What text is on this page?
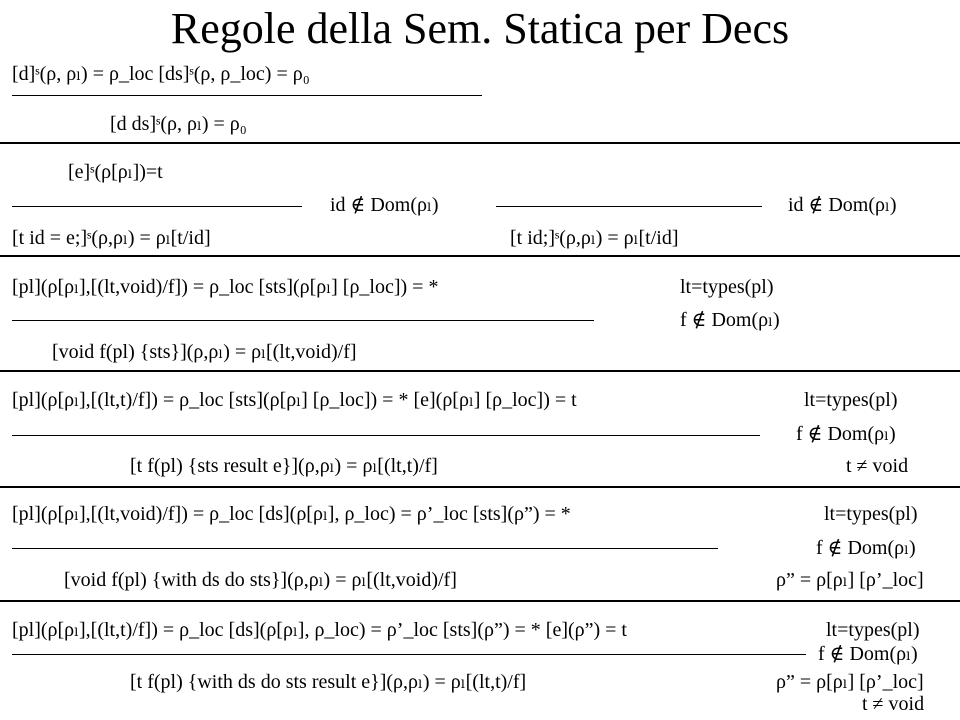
Regole della Sem. Statica per Decs
[d]ˢ(ρ, ρₗ) = ρ_loc [ds]ˢ(ρ, ρ_loc) = ρ₀
[d ds]ˢ(ρ, ρₗ) = ρ₀
[e]ˢ(ρ[ρₗ])=t
id ∉ Dom(ρₗ)	id ∉ Dom(ρₗ)
[t id = e;]ˢ(ρ,ρₗ) = ρₗ[t/id]	[t id;]ˢ(ρ,ρₗ) = ρₗ[t/id]
[pl](ρ[ρₗ],[(lt,void)/f]) = ρ_loc [sts](ρ[ρₗ] [ρ_loc]) = *	lt=types(pl)
f ∉ Dom(ρₗ)
[void f(pl) {sts}](ρ,ρₗ) = ρₗ[(lt,void)/f]
[pl](ρ[ρₗ],[(lt,t)/f]) = ρ_loc [sts](ρ[ρₗ] [ρ_loc]) = * [e](ρ[ρₗ] [ρ_loc]) = t	lt=types(pl)
f ∉ Dom(ρₗ)
[t f(pl) {sts result e}](ρ,ρₗ) = ρₗ[(lt,t)/f]	t ≠ void
[pl](ρ[ρₗ],[(lt,void)/f]) = ρ_loc [ds](ρ[ρₗ], ρ_loc) = ρ’_loc [sts](ρ”) = *	lt=types(pl)
f ∉ Dom(ρₗ)
[void f(pl) {with ds do sts}](ρ,ρₗ) = ρₗ[(lt,void)/f]	ρ” = ρ[ρₗ] [ρ’_loc]
[pl](ρ[ρₗ],[(lt,t)/f]) = ρ_loc [ds](ρ[ρₗ], ρ_loc) = ρ’_loc [sts](ρ”) = * [e](ρ”) = t	lt=types(pl)
f ∉ Dom(ρₗ)
[t f(pl) {with ds do sts result e}](ρ,ρₗ) = ρₗ[(lt,t)/f]	ρ” = ρ[ρₗ] [ρ’_loc]
t ≠ void
